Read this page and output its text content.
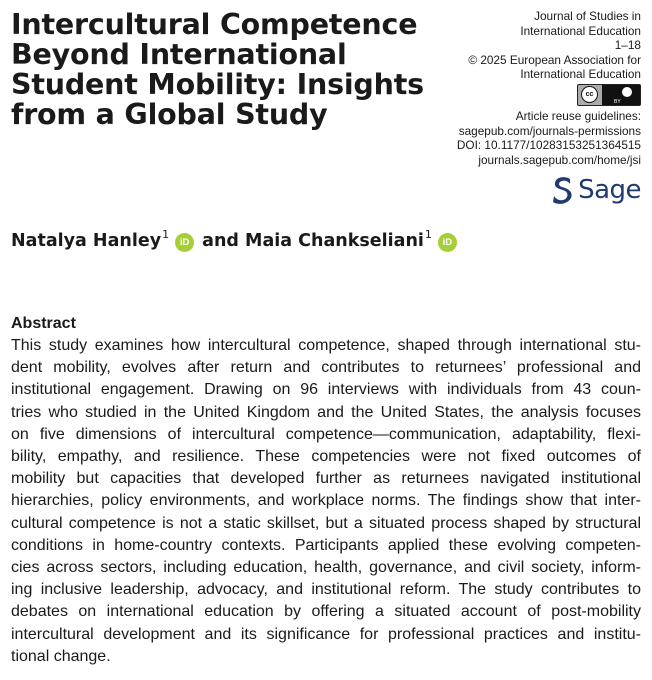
Intercultural Competence
Beyond International
Student Mobility: Insights
from a Global Study
Journal of Studies in
International Education
1–18
© 2025 European Association for
International Education
cc
BY
Article reuse guidelines:
sagepub.com/journals-permissions
DOI: 10.1177/10283153251364515
journals.sagepub.com/home/jsi
Sage
Natalya Hanley$^1$iD and Maia Chankseliani$^1$iD
Abstract
This study examines how intercultural competence, shaped through international stu-
dent mobility, evolves after return and contributes to returnees’ professional and
institutional engagement. Drawing on 96 interviews with individuals from 43 coun-
tries who studied in the United Kingdom and the United States, the analysis focuses
on five dimensions of intercultural competence—communication, adaptability, flexi-
bility, empathy, and resilience. These competencies were not fixed outcomes of
mobility but capacities that developed further as returnees navigated institutional
hierarchies, policy environments, and workplace norms. The findings show that inter-
cultural competence is not a static skillset, but a situated process shaped by structural
conditions in home-country contexts. Participants applied these evolving competen-
cies across sectors, including education, health, governance, and civil society, inform-
ing inclusive leadership, advocacy, and institutional reform. The study contributes to
debates on international education by offering a situated account of post-mobility
intercultural development and its significance for professional practices and institu-
tional change.
